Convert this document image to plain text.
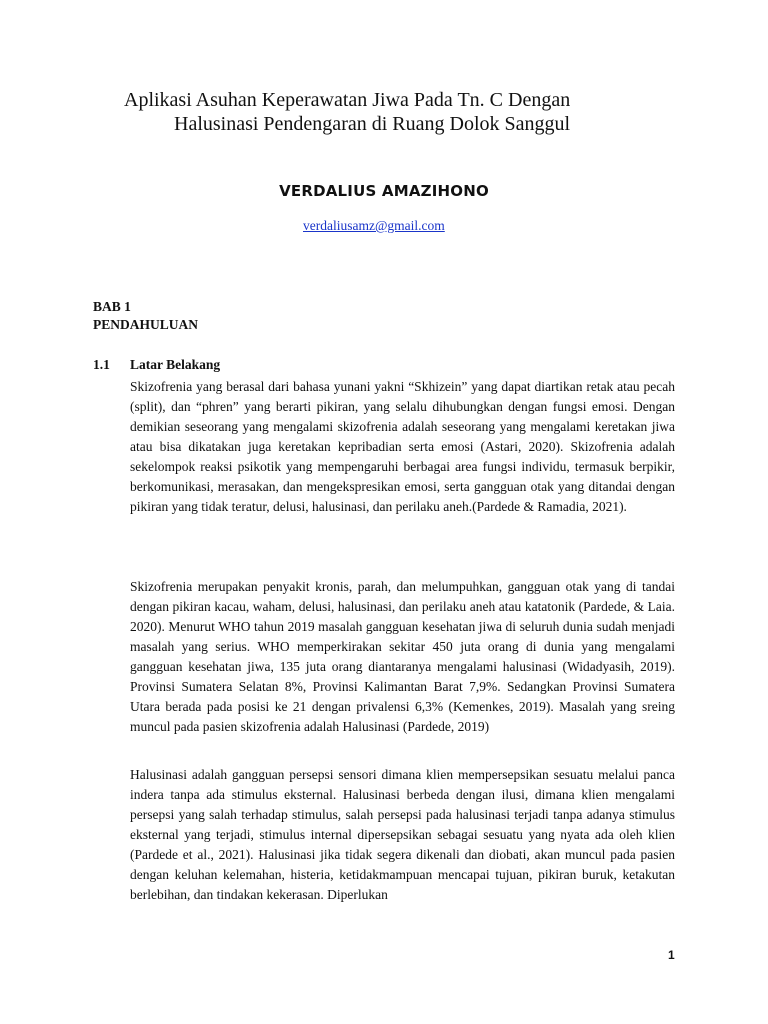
Aplikasi Asuhan Keperawatan Jiwa Pada Tn. C Dengan
Halusinasi Pendengaran di Ruang Dolok Sanggul
VERDALIUS AMAZIHONO
verdaliusamz@gmail.com
BAB 1
PENDAHULUAN
1.1 Latar Belakang

Skizofrenia yang berasal dari bahasa yunani yakni “Skhizein” yang dapat diartikan retak atau pecah (split), dan “phren” yang berarti pikiran, yang selalu dihubungkan dengan fungsi emosi. Dengan demikian seseorang yang mengalami skizofrenia adalah seseorang yang mengalami keretakan jiwa atau bisa dikatakan juga keretakan kepribadian serta emosi (Astari, 2020). Skizofrenia adalah sekelompok reaksi psikotik yang mempengaruhi berbagai area fungsi individu, termasuk berpikir, berkomunikasi, merasakan, dan mengekspresikan emosi, serta gangguan otak yang ditandai dengan pikiran yang tidak teratur, delusi, halusinasi, dan perilaku aneh.(Pardede & Ramadia, 2021).

Skizofrenia merupakan penyakit kronis, parah, dan melumpuhkan, gangguan otak yang di tandai dengan pikiran kacau, waham, delusi, halusinasi, dan perilaku aneh atau katatonik (Pardede, & Laia. 2020). Menurut WHO tahun 2019 masalah gangguan kesehatan jiwa di seluruh dunia sudah menjadi masalah yang serius. WHO memperkirakan sekitar 450 juta orang di dunia yang mengalami gangguan kesehatan jiwa, 135 juta orang diantaranya mengalami halusinasi (Widadyasih, 2019). Provinsi Sumatera Selatan 8%, Provinsi Kalimantan Barat 7,9%. Sedangkan Provinsi Sumatera Utara berada pada posisi ke 21 dengan privalensi 6,3% (Kemenkes, 2019). Masalah yang sreing muncul pada pasien skizofrenia adalah Halusinasi (Pardede, 2019)

Halusinasi adalah gangguan persepsi sensori dimana klien mempersepsikan sesuatu melalui panca indera tanpa ada stimulus eksternal. Halusinasi berbeda dengan ilusi, dimana klien mengalami persepsi yang salah terhadap stimulus, salah persepsi pada halusinasi terjadi tanpa adanya stimulus eksternal yang terjadi, stimulus internal dipersepsikan sebagai sesuatu yang nyata ada oleh klien (Pardede et al., 2021). Halusinasi jika tidak segera dikenali dan diobati, akan muncul pada pasien dengan keluhan kelemahan, histeria, ketidakmampuan mencapai tujuan, pikiran buruk, ketakutan berlebihan, dan tindakan kekerasan. Diperlukan

1
